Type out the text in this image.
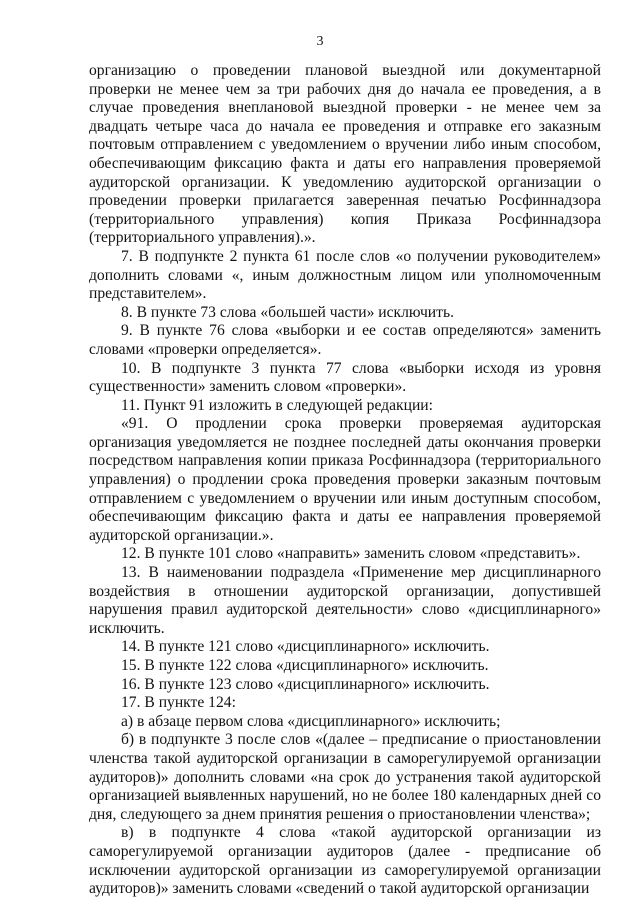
3

организацию о проведении плановой выездной или документарной проверки не менее чем за три рабочих дня до начала ее проведения, а в случае проведения внеплановой выездной проверки - не менее чем за двадцать четыре часа до начала ее проведения и отправке его заказным почтовым отправлением с уведомлением о вручении либо иным способом, обеспечивающим фиксацию факта и даты его направления проверяемой аудиторской организации. К уведомлению аудиторской организации о проведении проверки прилагается заверенная печатью Росфиннадзора (территориального управления) копия Приказа Росфиннадзора (территориального управления).».

7. В подпункте 2 пункта 61 после слов «о получении руководителем» дополнить словами «, иным должностным лицом или уполномоченным представителем».

8. В пункте 73 слова «большей части» исключить.

9. В пункте 76 слова «выборки и ее состав определяются» заменить словами «проверки определяется».

10. В подпункте 3 пункта 77 слова «выборки исходя из уровня существенности» заменить словом «проверки».

11. Пункт 91 изложить в следующей редакции:

«91. О продлении срока проверки проверяемая аудиторская организация уведомляется не позднее последней даты окончания проверки посредством направления копии приказа Росфиннадзора (территориального управления) о продлении срока проведения проверки заказным почтовым отправлением с уведомлением о вручении или иным доступным способом, обеспечивающим фиксацию факта и даты ее направления проверяемой аудиторской организации.».

12. В пункте 101 слово «направить» заменить словом «представить».

13. В наименовании подраздела «Применение мер дисциплинарного воздействия в отношении аудиторской организации, допустившей нарушения правил аудиторской деятельности» слово «дисциплинарного» исключить.

14. В пункте 121 слово «дисциплинарного» исключить.

15. В пункте 122 слова «дисциплинарного» исключить.

16. В пункте 123 слово «дисциплинарного» исключить.

17. В пункте 124:

а) в абзаце первом слова «дисциплинарного» исключить;

б) в подпункте 3 после слов «(далее – предписание о приостановлении членства такой аудиторской организации в саморегулируемой организации аудиторов)» дополнить словами «на срок до устранения такой аудиторской организацией выявленных нарушений, но не более 180 календарных дней со дня, следующего за днем принятия решения о приостановлении членства»;

в) в подпункте 4 слова «такой аудиторской организации из саморегулируемой организации аудиторов (далее - предписание об исключении аудиторской организации из саморегулируемой организации аудиторов)» заменить словами «сведений о такой аудиторской организации
